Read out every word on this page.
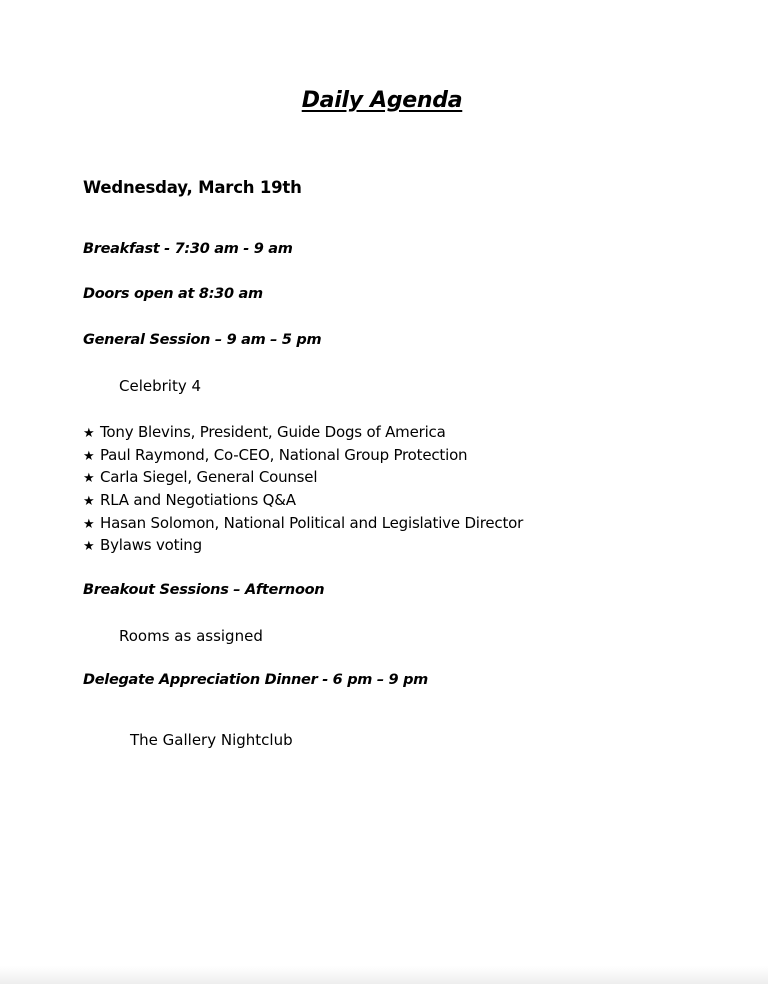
Daily Agenda
Wednesday, March 19th
Breakfast - 7:30 am - 9 am
Doors open at 8:30 am
General Session – 9 am – 5 pm
Celebrity 4
★ Tony Blevins, President, Guide Dogs of America
★ Paul Raymond, Co-CEO, National Group Protection
★ Carla Siegel, General Counsel
★ RLA and Negotiations Q&A
★ Hasan Solomon, National Political and Legislative Director
★ Bylaws voting
Breakout Sessions – Afternoon
Rooms as assigned
Delegate Appreciation Dinner - 6 pm – 9 pm
The Gallery Nightclub
